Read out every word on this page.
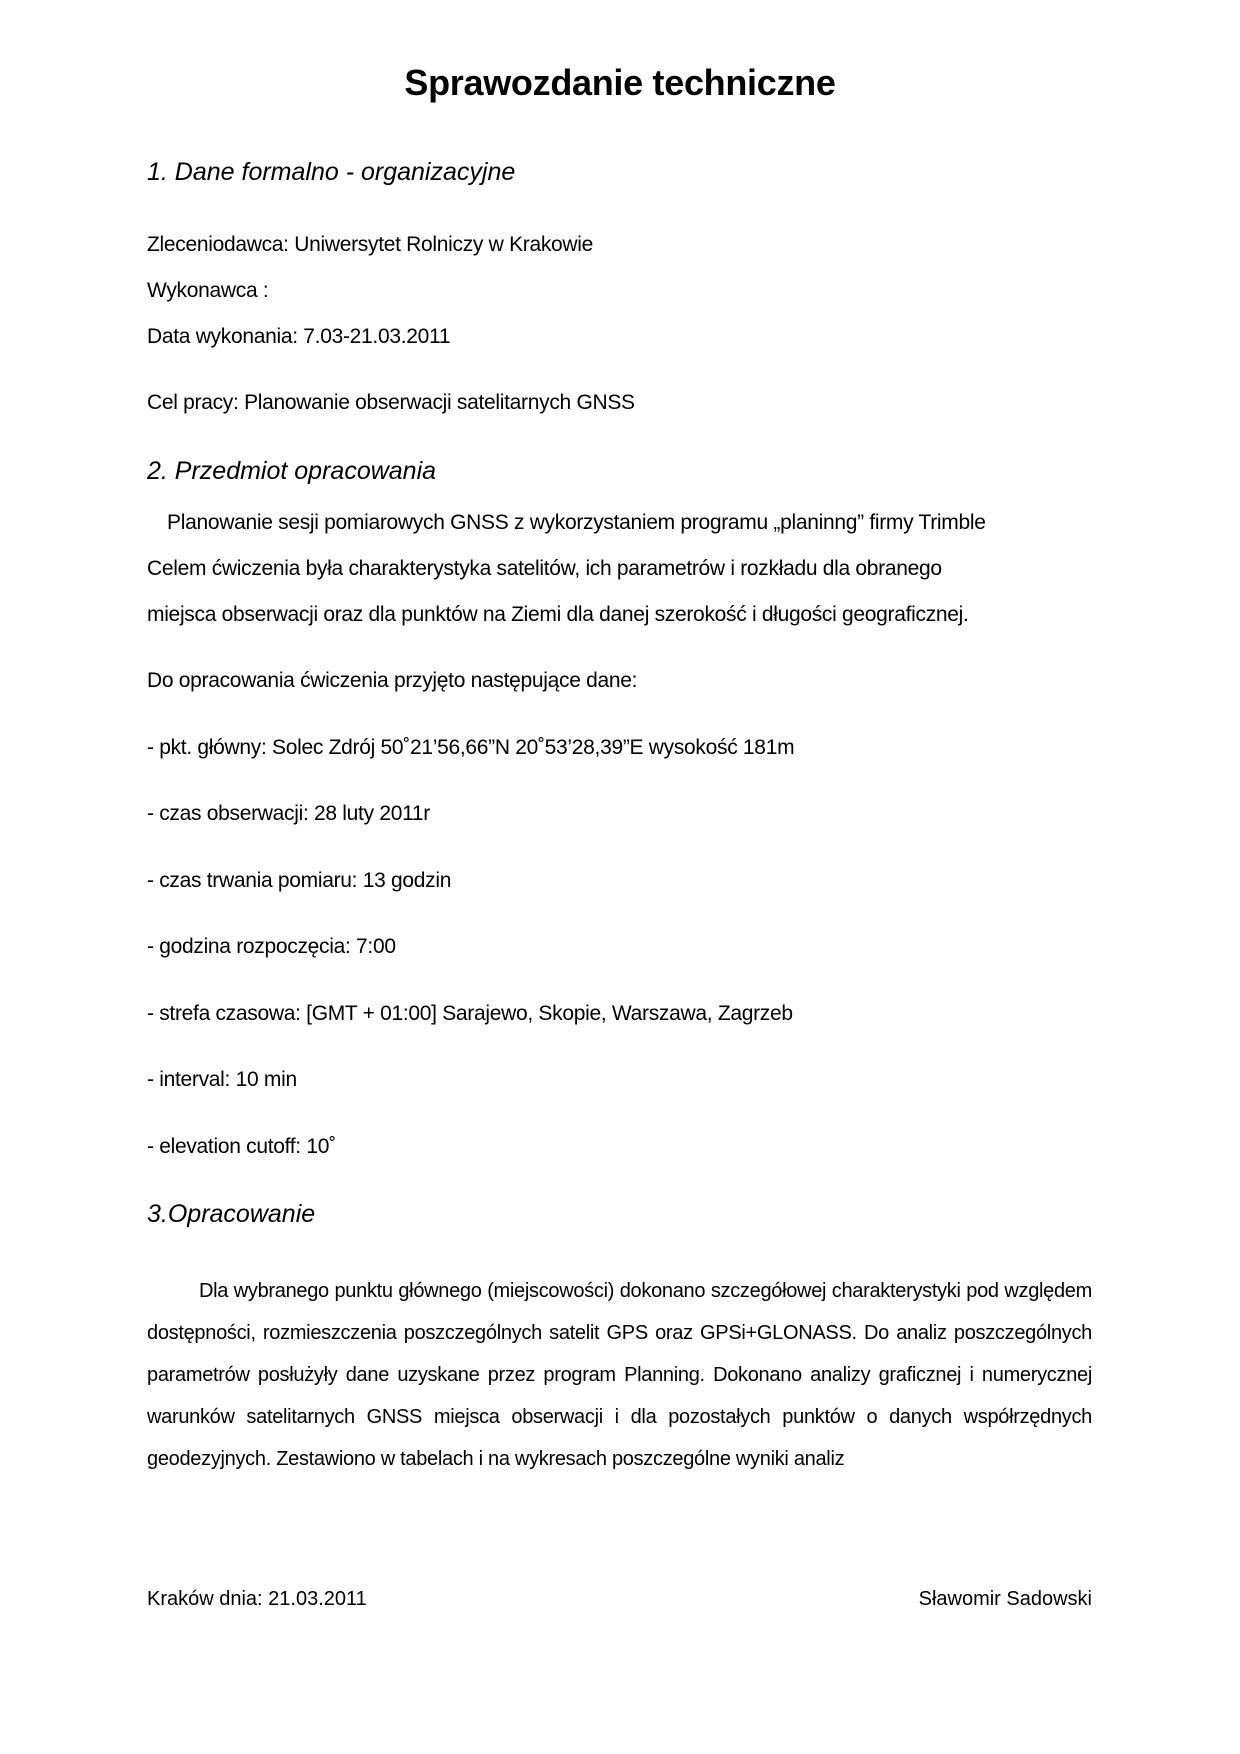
Sprawozdanie techniczne
1. Dane formalno - organizacyjne
Zleceniodawca: Uniwersytet Rolniczy w Krakowie
Wykonawca :
Data wykonania: 7.03-21.03.2011
Cel pracy: Planowanie obserwacji satelitarnych GNSS
2. Przedmiot opracowania
Planowanie sesji pomiarowych GNSS z wykorzystaniem programu „planinng” firmy Trimble
Celem ćwiczenia była charakterystyka satelitów, ich parametrów i rozkładu dla obranego
miejsca obserwacji oraz dla punktów na Ziemi dla danej szerokość i długości geograficznej.
Do opracowania ćwiczenia przyjęto następujące dane:
- pkt. główny: Solec Zdrój 50˚21’56,66”N 20˚53’28,39”E wysokość 181m
- czas obserwacji: 28 luty 2011r
- czas trwania pomiaru: 13 godzin
- godzina rozpoczęcia: 7:00
- strefa czasowa: [GMT + 01:00] Sarajewo, Skopie, Warszawa, Zagrzeb
- interval: 10 min
- elevation cutoff: 10˚
3.Opracowanie
Dla wybranego punktu głównego (miejscowości) dokonano szczegółowej charakterystyki pod względem dostępności, rozmieszczenia poszczególnych satelit GPS oraz GPSi+GLONASS. Do analiz poszczególnych parametrów posłużyły dane uzyskane przez program Planning. Dokonano analizy graficznej i numerycznej warunków satelitarnych GNSS miejsca obserwacji i dla pozostałych punktów o danych współrzędnych geodezyjnych. Zestawiono w tabelach i na wykresach poszczególne wyniki analiz
Kraków dnia: 21.03.2011	Sławomir Sadowski
